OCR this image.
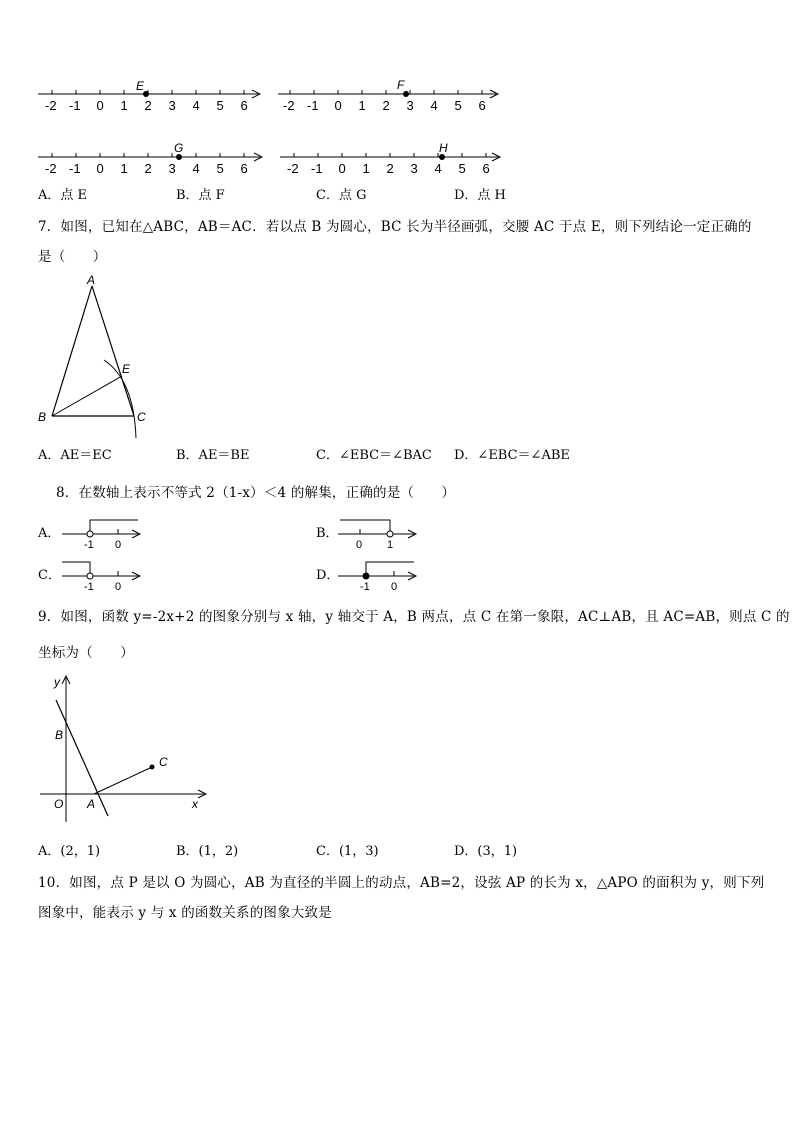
-2 -1 0 1 2 3 4 5 6
E
-2 -1 0 1 2 3 4 5 6
F
-2 -1 0 1 2 3 4 5 6
G
-2 -1 0 1 2 3 4 5 6
H
A．点 E	B．点 F	C．点 G	D．点 H
7．如图，已知在△ABC，AB＝AC．若以点 B 为圆心，BC 长为半径画弧，交腰 AC 于点 E，则下列结论一定正确的
是（　　）
A
E
B	C
A．AE＝EC	B．AE＝BE	C．∠EBC＝∠BAC D．∠EBC＝∠ABE
8．在数轴上表示不等式 2（1-x）＜4 的解集，正确的是（　　）
A．
-1 0
B．
0 1
C．
-1 0
D．
-1 0
9．如图，函数 y=-2x+2 的图象分别与 x 轴，y 轴交于 A，B 两点，点 C 在第一象限，AC⊥AB，且 AC=AB，则点 C 的
坐标为（　　）
y
B
O A
C
x
A．(2，1)	B．(1，2)	C．(1，3)	D．(3，1)
10．如图，点 P 是以 O 为圆心，AB 为直径的半圆上的动点，AB=2，设弦 AP 的长为 x，△APO 的面积为 y，则下列
图象中，能表示 y 与 x 的函数关系的图象大致是
